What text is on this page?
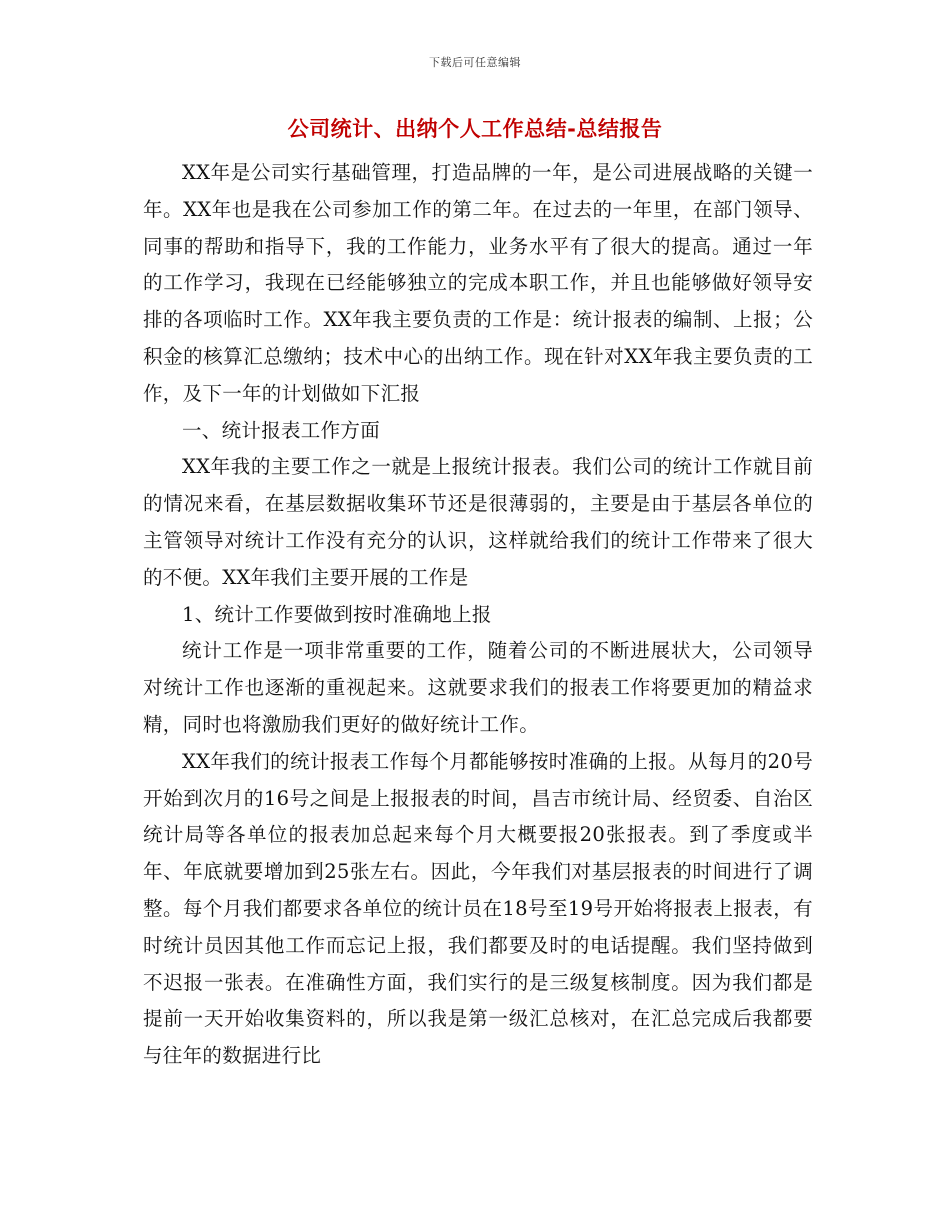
下载后可任意编辑
公司统计、出纳个人工作总结-总结报告

XX年是公司实行基础管理，打造品牌的一年，是公司进展战略的关键一年。XX年也是我在公司参加工作的第二年。在过去的一年里，在部门领导、同事的帮助和指导下，我的工作能力，业务水平有了很大的提高。通过一年的工作学习，我现在已经能够独立的完成本职工作，并且也能够做好领导安排的各项临时工作。XX年我主要负责的工作是：统计报表的编制、上报；公积金的核算汇总缴纳；技术中心的出纳工作。现在针对XX年我主要负责的工作，及下一年的计划做如下汇报

一、统计报表工作方面

XX年我的主要工作之一就是上报统计报表。我们公司的统计工作就目前的情况来看，在基层数据收集环节还是很薄弱的，主要是由于基层各单位的主管领导对统计工作没有充分的认识，这样就给我们的统计工作带来了很大的不便。XX年我们主要开展的工作是

1、统计工作要做到按时准确地上报

统计工作是一项非常重要的工作，随着公司的不断进展状大，公司领导对统计工作也逐渐的重视起来。这就要求我们的报表工作将要更加的精益求精，同时也将激励我们更好的做好统计工作。

XX年我们的统计报表工作每个月都能够按时准确的上报。从每月的20号开始到次月的16号之间是上报报表的时间，昌吉市统计局、经贸委、自治区统计局等各单位的报表加总起来每个月大概要报20张报表。到了季度或半年、年底就要增加到25张左右。因此，今年我们对基层报表的时间进行了调整。每个月我们都要求各单位的统计员在18号至19号开始将报表上报表，有时统计员因其他工作而忘记上报，我们都要及时的电话提醒。我们坚持做到不迟报一张表。在准确性方面，我们实行的是三级复核制度。因为我们都是提前一天开始收集资料的，所以我是第一级汇总核对，在汇总完成后我都要与往年的数据进行比
